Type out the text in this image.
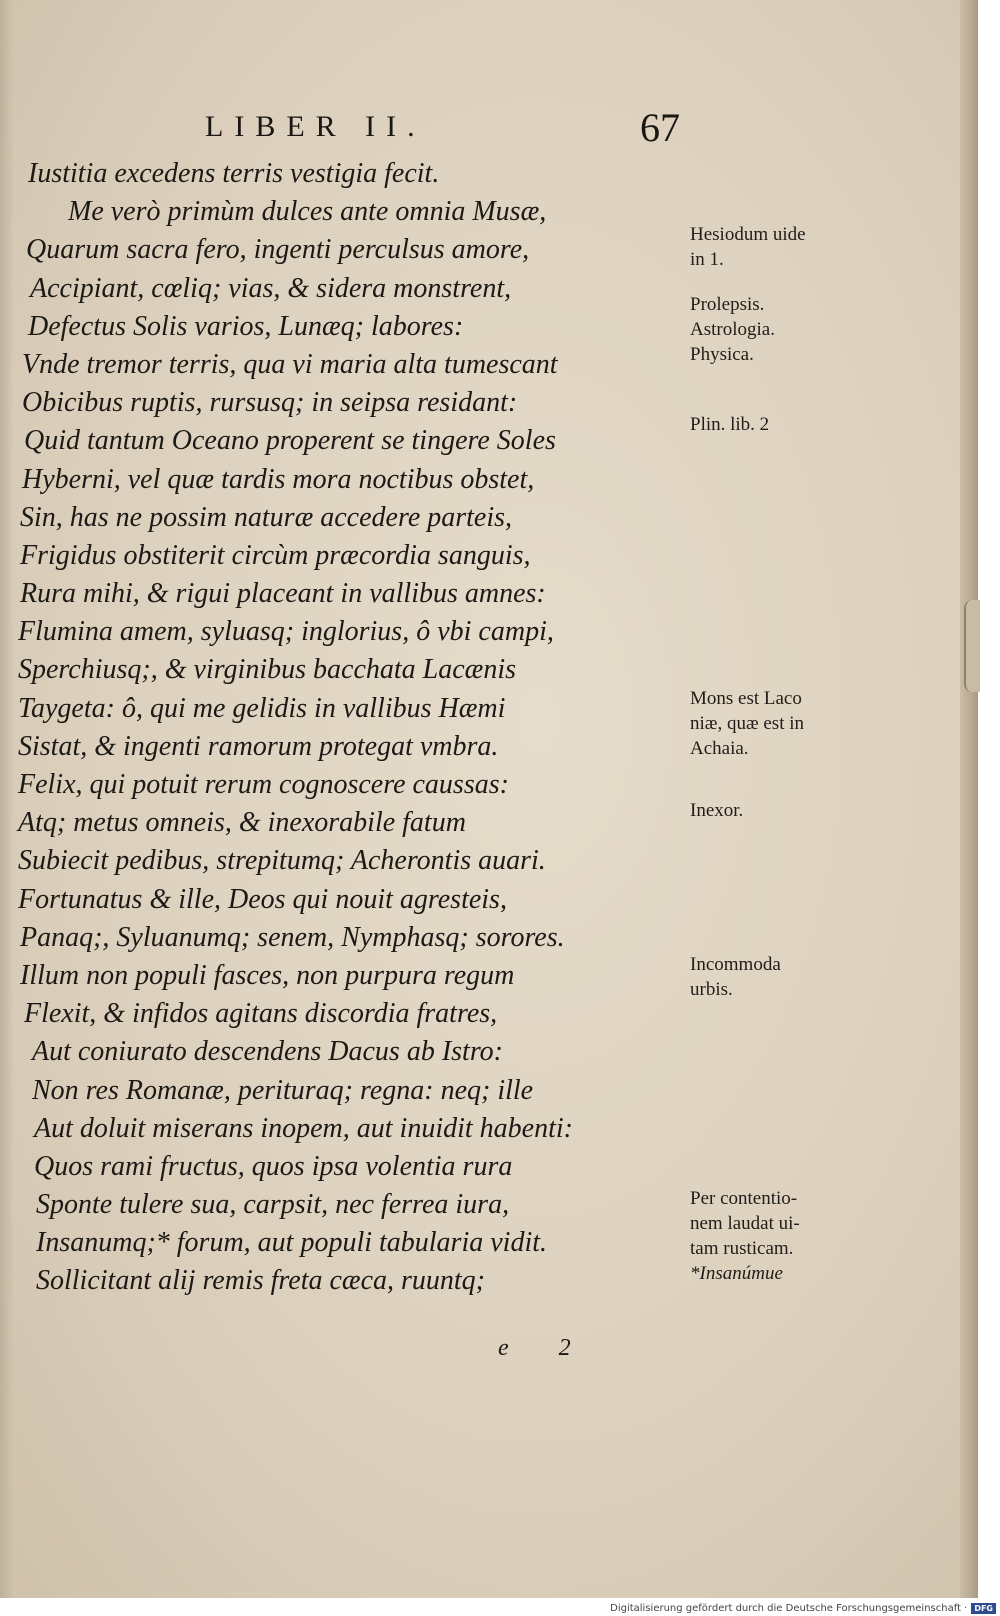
LIBER II.	67
Iustitia excedens terris vestigia fecit.
Me verò primùm dulces ante omnia Musæ,
Quarum sacra fero, ingenti perculsus amore,
Accipiant, cœliq; vias, & sidera monstrent,
Defectus Solis varios, Lunæq; labores:
Vnde tremor terris, qua vi maria alta tumescant
Obicibus ruptis, rursusq; in seipsa residant:
Quid tantum Oceano properent se tingere Soles
Hyberni, vel quæ tardis mora noctibus obstet,
Sin, has ne possim naturæ accedere parteis,
Frigidus obstiterit circùm præcordia sanguis,
Rura mihi, & rigui placeant in vallibus amnes:
Flumina amem, syluasq; inglorius, ô vbi campi,
Sperchiusq;, & virginibus bacchata Lacænis
Taygeta: ô, qui me gelidis in vallibus Hæmi
Sistat, & ingenti ramorum protegat vmbra.
Felix, qui potuit rerum cognoscere caussas:
Atq; metus omneis, & inexorabile fatum
Subiecit pedibus, strepitumq; Acherontis auari.
Fortunatus & ille, Deos qui nouit agresteis,
Panaq;, Syluanumq; senem, Nymphasq; sorores.
Illum non populi fasces, non purpura regum
Flexit, & infidos agitans discordia fratres,
Aut coniurato descendens Dacus ab Istro:
Non res Romanæ, perituraq; regna: neq; ille
Aut doluit miserans inopem, aut inuidit habenti:
Quos rami fructus, quos ipsa volentia rura
Sponte tulere sua, carpsit, nec ferrea iura,
Insanumq;* forum, aut populi tabularia vidit.
Sollicitant alij remis freta cæca, ruuntq;
Hesiodum uide
in 1.
Prolepsis.
Astrologia.
Physica.
Plin. lib. 2
Mons est Laco
niæ, quæ est in
Achaia.
Inexor.
Incommoda
urbis.
Per contentio-
nem laudat ui-
tam rusticam.
*Insanúmue
e 2
Digitalisierung gefördert durch die Deutsche Forschungsgemeinschaft · DFG
